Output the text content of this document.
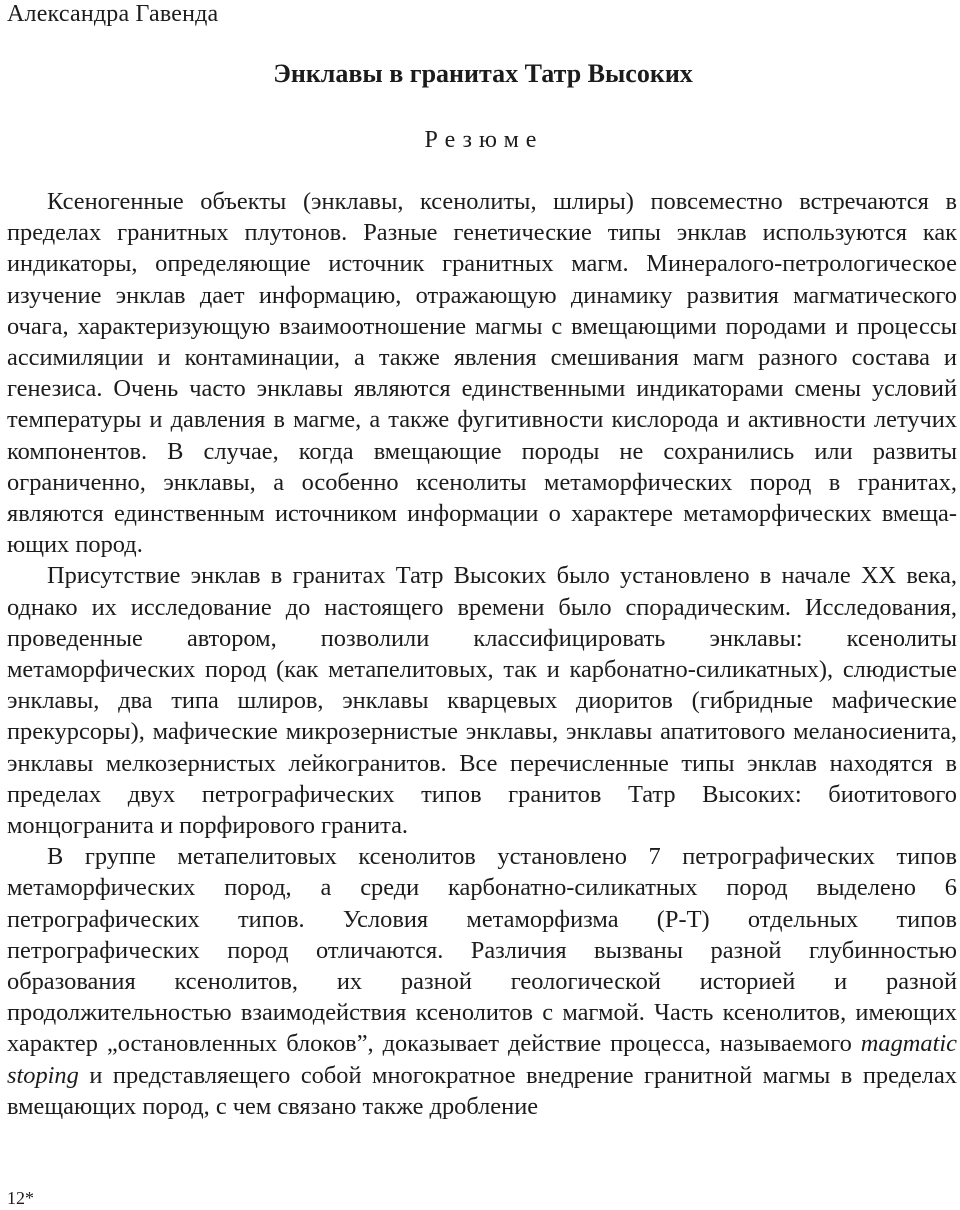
Александра Гавенда
Энклавы в гранитах Татр Высоких
Резюме

Ксеногенные объекты (энклавы, ксенолиты, шлиры) повсеместно встречаются в пределах гранитных плутонов. Разные генетические типы энклав используются как индикаторы, определяющие источник гранитных магм. Минералого-петрологическое изучение энклав дает информацию, отражающую динамику развития магматического очага, характеризующую взаимоотношение магмы с вмещающими породами и процессы ассимиляции и контаминации, а также явления смешивания магм разного состава и генезиса. Очень часто энклавы являются единственными индикаторами смены условий температуры и давления в магме, а также фугитивности кислорода и активности летучих компонентов. В случае, когда вмещающие породы не сохранились или развиты ограниченно, энклавы, а особенно ксенолиты метаморфических пород в гранитах, являются единственным источником информации о характере метаморфических вмеща-ющих пород.

Присутствие энклав в гранитах Татр Высоких было установлено в начале XX века, однако их исследование до настоящего времени было спорадическим. Исследования, проведенные автором, позволили классифицировать энклавы: ксенолиты метаморфических пород (как метапелитовых, так и карбонатно-силикатных), слюдистые энклавы, два типа шлиров, энклавы кварцевых диоритов (гибридные мафические прекурсоры), мафические микрозернистые энклавы, энклавы апатитового меланосиенита, энклавы мелкозернистых лейкогранитов. Все перечисленные типы энклав находятся в пределах двух петрографических типов гранитов Татр Высоких: биотитового монцогранита и порфирового гранита.

В группе метапелитовых ксенолитов установлено 7 петрографических типов метаморфических пород, а среди карбонатно-силикатных пород выделено 6 петрографических типов. Условия метаморфизма (P-T) отдельных типов петрографических пород отличаются. Различия вызваны разной глубинностью образования ксенолитов, их разной геологической историей и разной продолжительностью взаимодействия ксенолитов с магмой. Часть ксенолитов, имеющих характер „остановленных блоков”, доказывает действие процесса, называемого magmatic stoping и представляещего собой многократное внедрение гранитной магмы в пределах вмещающих пород, с чем связано также дробление

12*
